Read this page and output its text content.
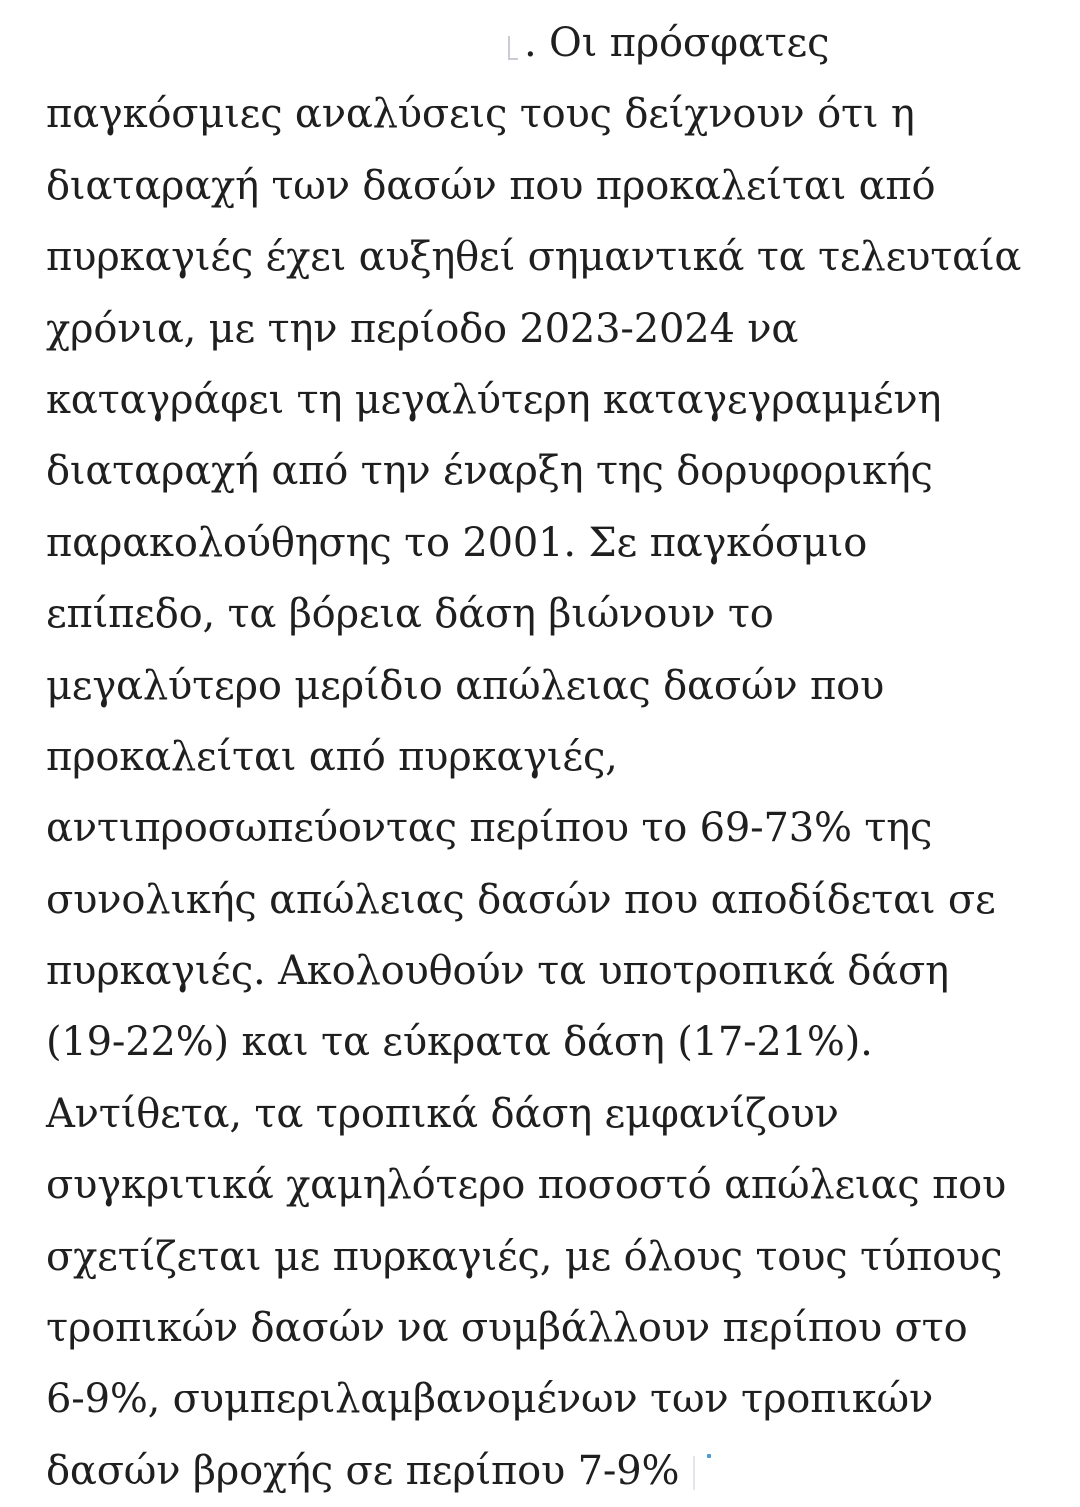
. Οι πρόσφατες
παγκόσμιες αναλύσεις τους δείχνουν ότι η
διαταραχή των δασών που προκαλείται από
πυρκαγιές έχει αυξηθεί σημαντικά τα τελευταία
χρόνια, με την περίοδο 2023-2024 να
καταγράφει τη μεγαλύτερη καταγεγραμμένη
διαταραχή από την έναρξη της δορυφορικής
παρακολούθησης το 2001. Σε παγκόσμιο
επίπεδο, τα βόρεια δάση βιώνουν το
μεγαλύτερο μερίδιο απώλειας δασών που
προκαλείται από πυρκαγιές,
αντιπροσωπεύοντας περίπου το 69-73% της
συνολικής απώλειας δασών που αποδίδεται σε
πυρκαγιές. Ακολουθούν τα υποτροπικά δάση
(19-22%) και τα εύκρατα δάση (17-21%).
Αντίθετα, τα τροπικά δάση εμφανίζουν
συγκριτικά χαμηλότερο ποσοστό απώλειας που
σχετίζεται με πυρκαγιές, με όλους τους τύπους
τροπικών δασών να συμβάλλουν περίπου στο
6-9%, συμπεριλαμβανομένων των τροπικών
δασών βροχής σε περίπου 7-9%
